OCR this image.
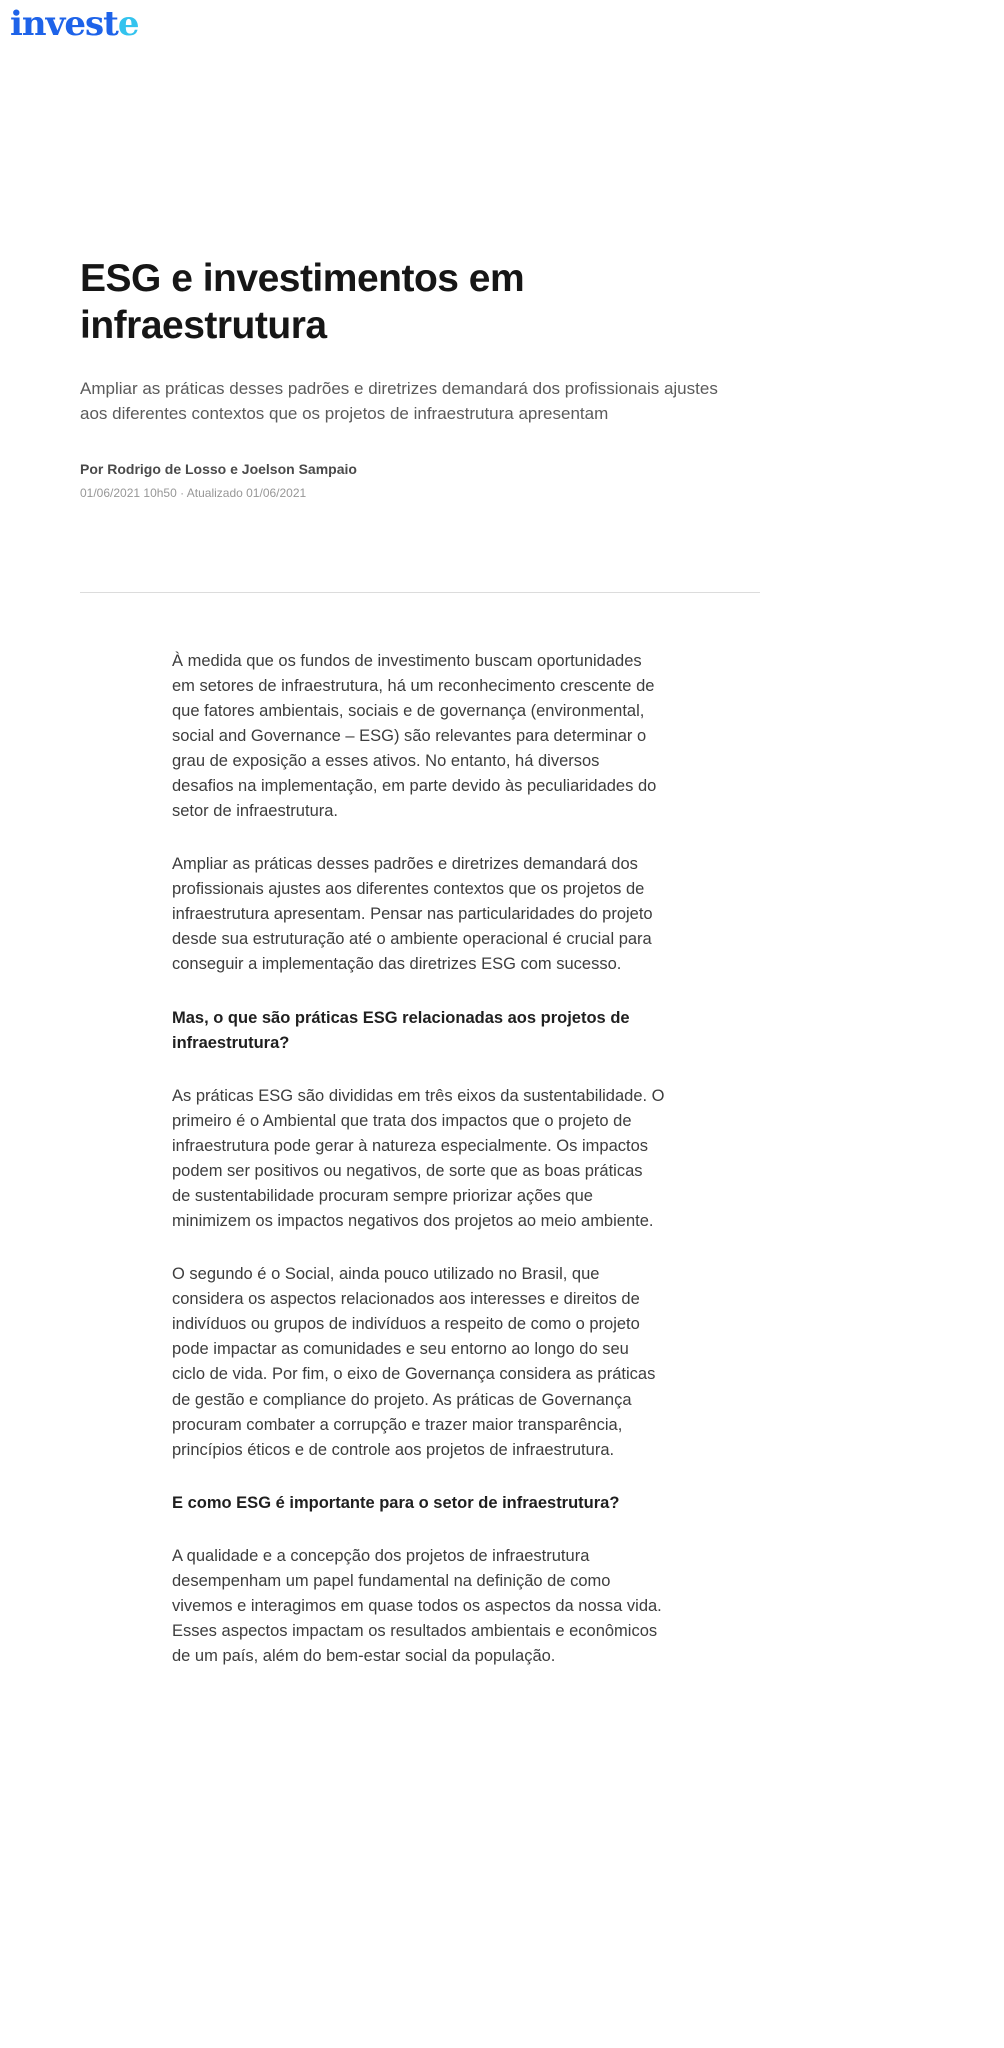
investe
ESG e investimentos em infraestrutura

Ampliar as práticas desses padrões e diretrizes demandará dos profissionais ajustes aos diferentes contextos que os projetos de infraestrutura apresentam

Por Rodrigo de Losso e Joelson Sampaio

01/06/2021 10h50 · Atualizado 01/06/2021

À medida que os fundos de investimento buscam oportunidades em setores de infraestrutura, há um reconhecimento crescente de que fatores ambientais, sociais e de governança (environmental, social and Governance – ESG) são relevantes para determinar o grau de exposição a esses ativos. No entanto, há diversos desafios na implementação, em parte devido às peculiaridades do setor de infraestrutura.

Ampliar as práticas desses padrões e diretrizes demandará dos profissionais ajustes aos diferentes contextos que os projetos de infraestrutura apresentam. Pensar nas particularidades do projeto desde sua estruturação até o ambiente operacional é crucial para conseguir a implementação das diretrizes ESG com sucesso.

Mas, o que são práticas ESG relacionadas aos projetos de infraestrutura?

As práticas ESG são divididas em três eixos da sustentabilidade. O primeiro é o Ambiental que trata dos impactos que o projeto de infraestrutura pode gerar à natureza especialmente. Os impactos podem ser positivos ou negativos, de sorte que as boas práticas de sustentabilidade procuram sempre priorizar ações que minimizem os impactos negativos dos projetos ao meio ambiente.

O segundo é o Social, ainda pouco utilizado no Brasil, que considera os aspectos relacionados aos interesses e direitos de indivíduos ou grupos de indivíduos a respeito de como o projeto pode impactar as comunidades e seu entorno ao longo do seu ciclo de vida. Por fim, o eixo de Governança considera as práticas de gestão e compliance do projeto. As práticas de Governança procuram combater a corrupção e trazer maior transparência, princípios éticos e de controle aos projetos de infraestrutura.

E como ESG é importante para o setor de infraestrutura?

A qualidade e a concepção dos projetos de infraestrutura desempenham um papel fundamental na definição de como vivemos e interagimos em quase todos os aspectos da nossa vida. Esses aspectos impactam os resultados ambientais e econômicos de um país, além do bem-estar social da população.
